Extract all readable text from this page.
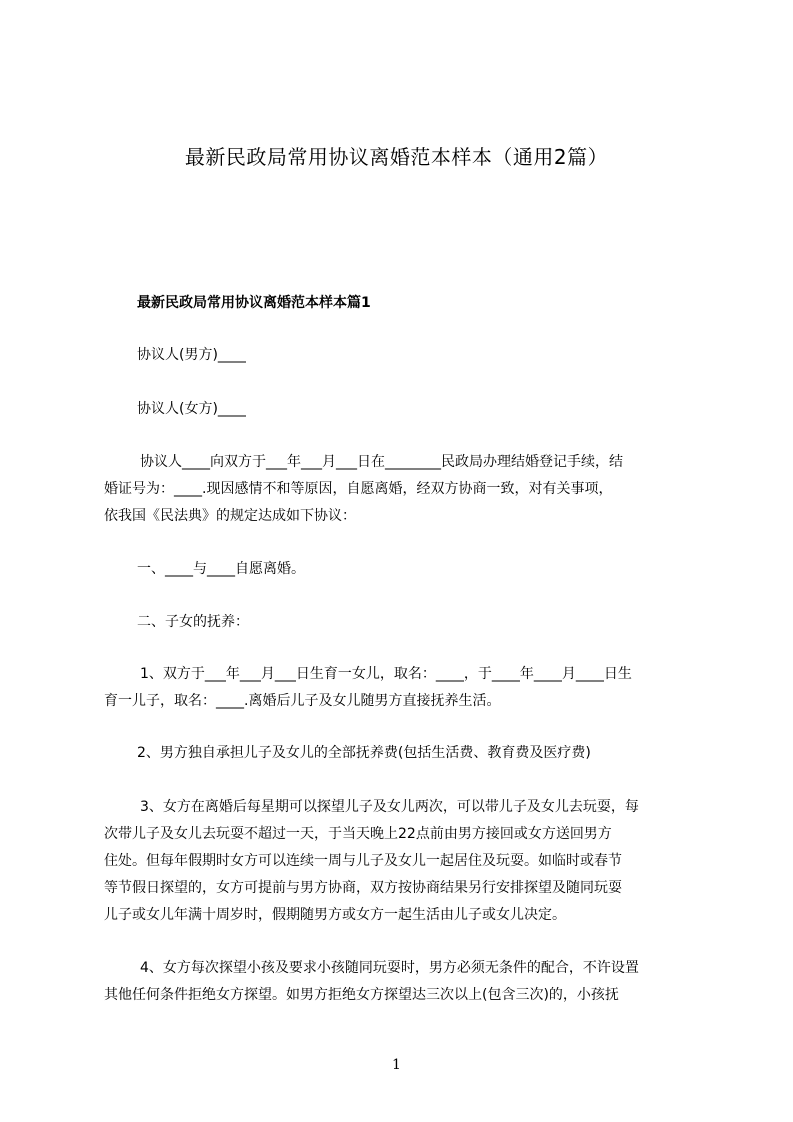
最新民政局常用协议离婚范本样本（通用2篇）
最新民政局常用协议离婚范本样本篇1
协议人(男方)____
协议人(女方)____
协议人____向双方于___年___月___日在________民政局办理结婚登记手续，结
婚证号为：____.现因感情不和等原因，自愿离婚，经双方协商一致，对有关事项，
依我国《民法典》的规定达成如下协议：
一、____与____自愿离婚。
二、子女的抚养：
1、双方于___年___月___日生育一女儿，取名：____，于____年____月____日生
育一儿子，取名：____.离婚后儿子及女儿随男方直接抚养生活。
2、男方独自承担儿子及女儿的全部抚养费(包括生活费、教育费及医疗费)
3、女方在离婚后每星期可以探望儿子及女儿两次，可以带儿子及女儿去玩耍，每
次带儿子及女儿去玩耍不超过一天，于当天晚上22点前由男方接回或女方送回男方
住处。但每年假期时女方可以连续一周与儿子及女儿一起居住及玩耍。如临时或春节
等节假日探望的，女方可提前与男方协商，双方按协商结果另行安排探望及随同玩耍
儿子或女儿年满十周岁时，假期随男方或女方一起生活由儿子或女儿决定。
4、女方每次探望小孩及要求小孩随同玩耍时，男方必须无条件的配合，不许设置
其他任何条件拒绝女方探望。如男方拒绝女方探望达三次以上(包含三次)的，小孩抚
1
